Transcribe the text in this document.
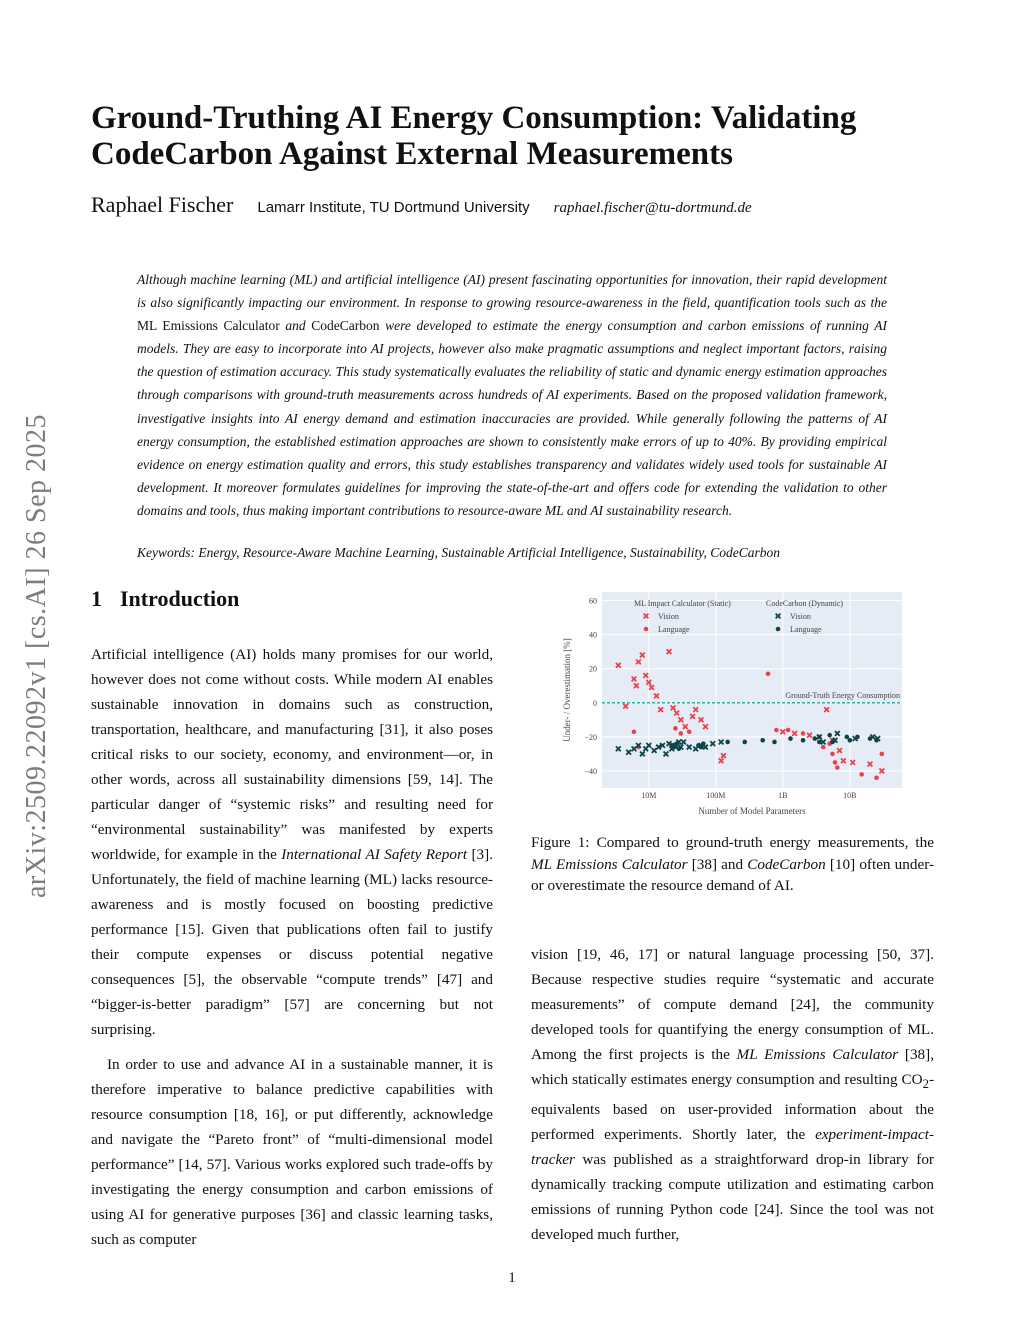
arXiv:2509.22092v1 [cs.AI] 26 Sep 2025
Ground-Truthing AI Energy Consumption: Validating CodeCarbon Against External Measurements
Raphael Fischer Lamarr Institute, TU Dortmund University raphael.fischer@tu-dortmund.de

Although machine learning (ML) and artificial intelligence (AI) present fascinating opportunities for innovation, their rapid development is also significantly impacting our environment. In response to growing resource-awareness in the field, quantification tools such as the ML Emissions Calculator and CodeCarbon were developed to estimate the energy consumption and carbon emissions of running AI models. They are easy to incorporate into AI projects, however also make pragmatic assumptions and neglect important factors, raising the question of estimation accuracy. This study systematically evaluates the reliability of static and dynamic energy estimation approaches through comparisons with ground-truth measurements across hundreds of AI experiments. Based on the proposed validation framework, investigative insights into AI energy demand and estimation inaccuracies are provided. While generally following the patterns of AI energy consumption, the established estimation approaches are shown to consistently make errors of up to 40%. By providing empirical evidence on energy estimation quality and errors, this study establishes transparency and validates widely used tools for sustainable AI development. It moreover formulates guidelines for improving the state-of-the-art and offers code for extending the validation to other domains and tools, thus making important contributions to resource-aware ML and AI sustainability research.

Keywords: Energy, Resource-Aware Machine Learning, Sustainable Artificial Intelligence, Sustainability, CodeCarbon

1 Introduction

Artificial intelligence (AI) holds many promises for our world, however does not come without costs. While modern AI enables sustainable innovation in domains such as construction, transportation, healthcare, and manufacturing [31], it also poses critical risks to our society, economy, and environment—or, in other words, across all sustainability dimensions [59, 14]. The particular danger of “systemic risks” and resulting need for “environmental sustainability” was manifested by experts worldwide, for example in the International AI Safety Report [3]. Unfortunately, the field of machine learning (ML) lacks resource-awareness and is mostly focused on boosting predictive performance [15]. Given that publications often fail to justify their compute expenses or discuss potential negative consequences [5], the observable “compute trends” [47] and “bigger-is-better paradigm” [57] are concerning but not surprising.

In order to use and advance AI in a sustainable manner, it is therefore imperative to balance predictive capabilities with resource consumption [18, 16], or put differently, acknowledge and navigate the “Pareto front” of “multi-dimensional model performance” [14, 57]. Various works explored such trade-offs by investigating the energy consumption and carbon emissions of using AI for generative purposes [36] and classic learning tasks, such as computer

60
40
20
0
−20
−40
10M	100M	1B	10B
Number of Model Parameters
Under- / Overestimation [%]	Ground-Truth Energy Consumption
ML Impact Calculator (Static)
Vision
Language
CodeCarbon (Dynamic)
Vision
Language

Figure 1: Compared to ground-truth energy measurements, the ML Emissions Calculator [38] and CodeCarbon [10] often under- or overestimate the resource demand of AI.

vision [19, 46, 17] or natural language processing [50, 37]. Because respective studies require “systematic and accurate measurements” of compute demand [24], the community developed tools for quantifying the energy consumption of ML. Among the first projects is the ML Emissions Calculator [38], which statically estimates energy consumption and resulting $CO_2$-equivalents based on user-provided information about the performed experiments. Shortly later, the experiment-impact-tracker was published as a straightforward drop-in library for dynamically tracking compute utilization and estimating carbon emissions of running Python code [24]. Since the tool was not developed much further,

1
